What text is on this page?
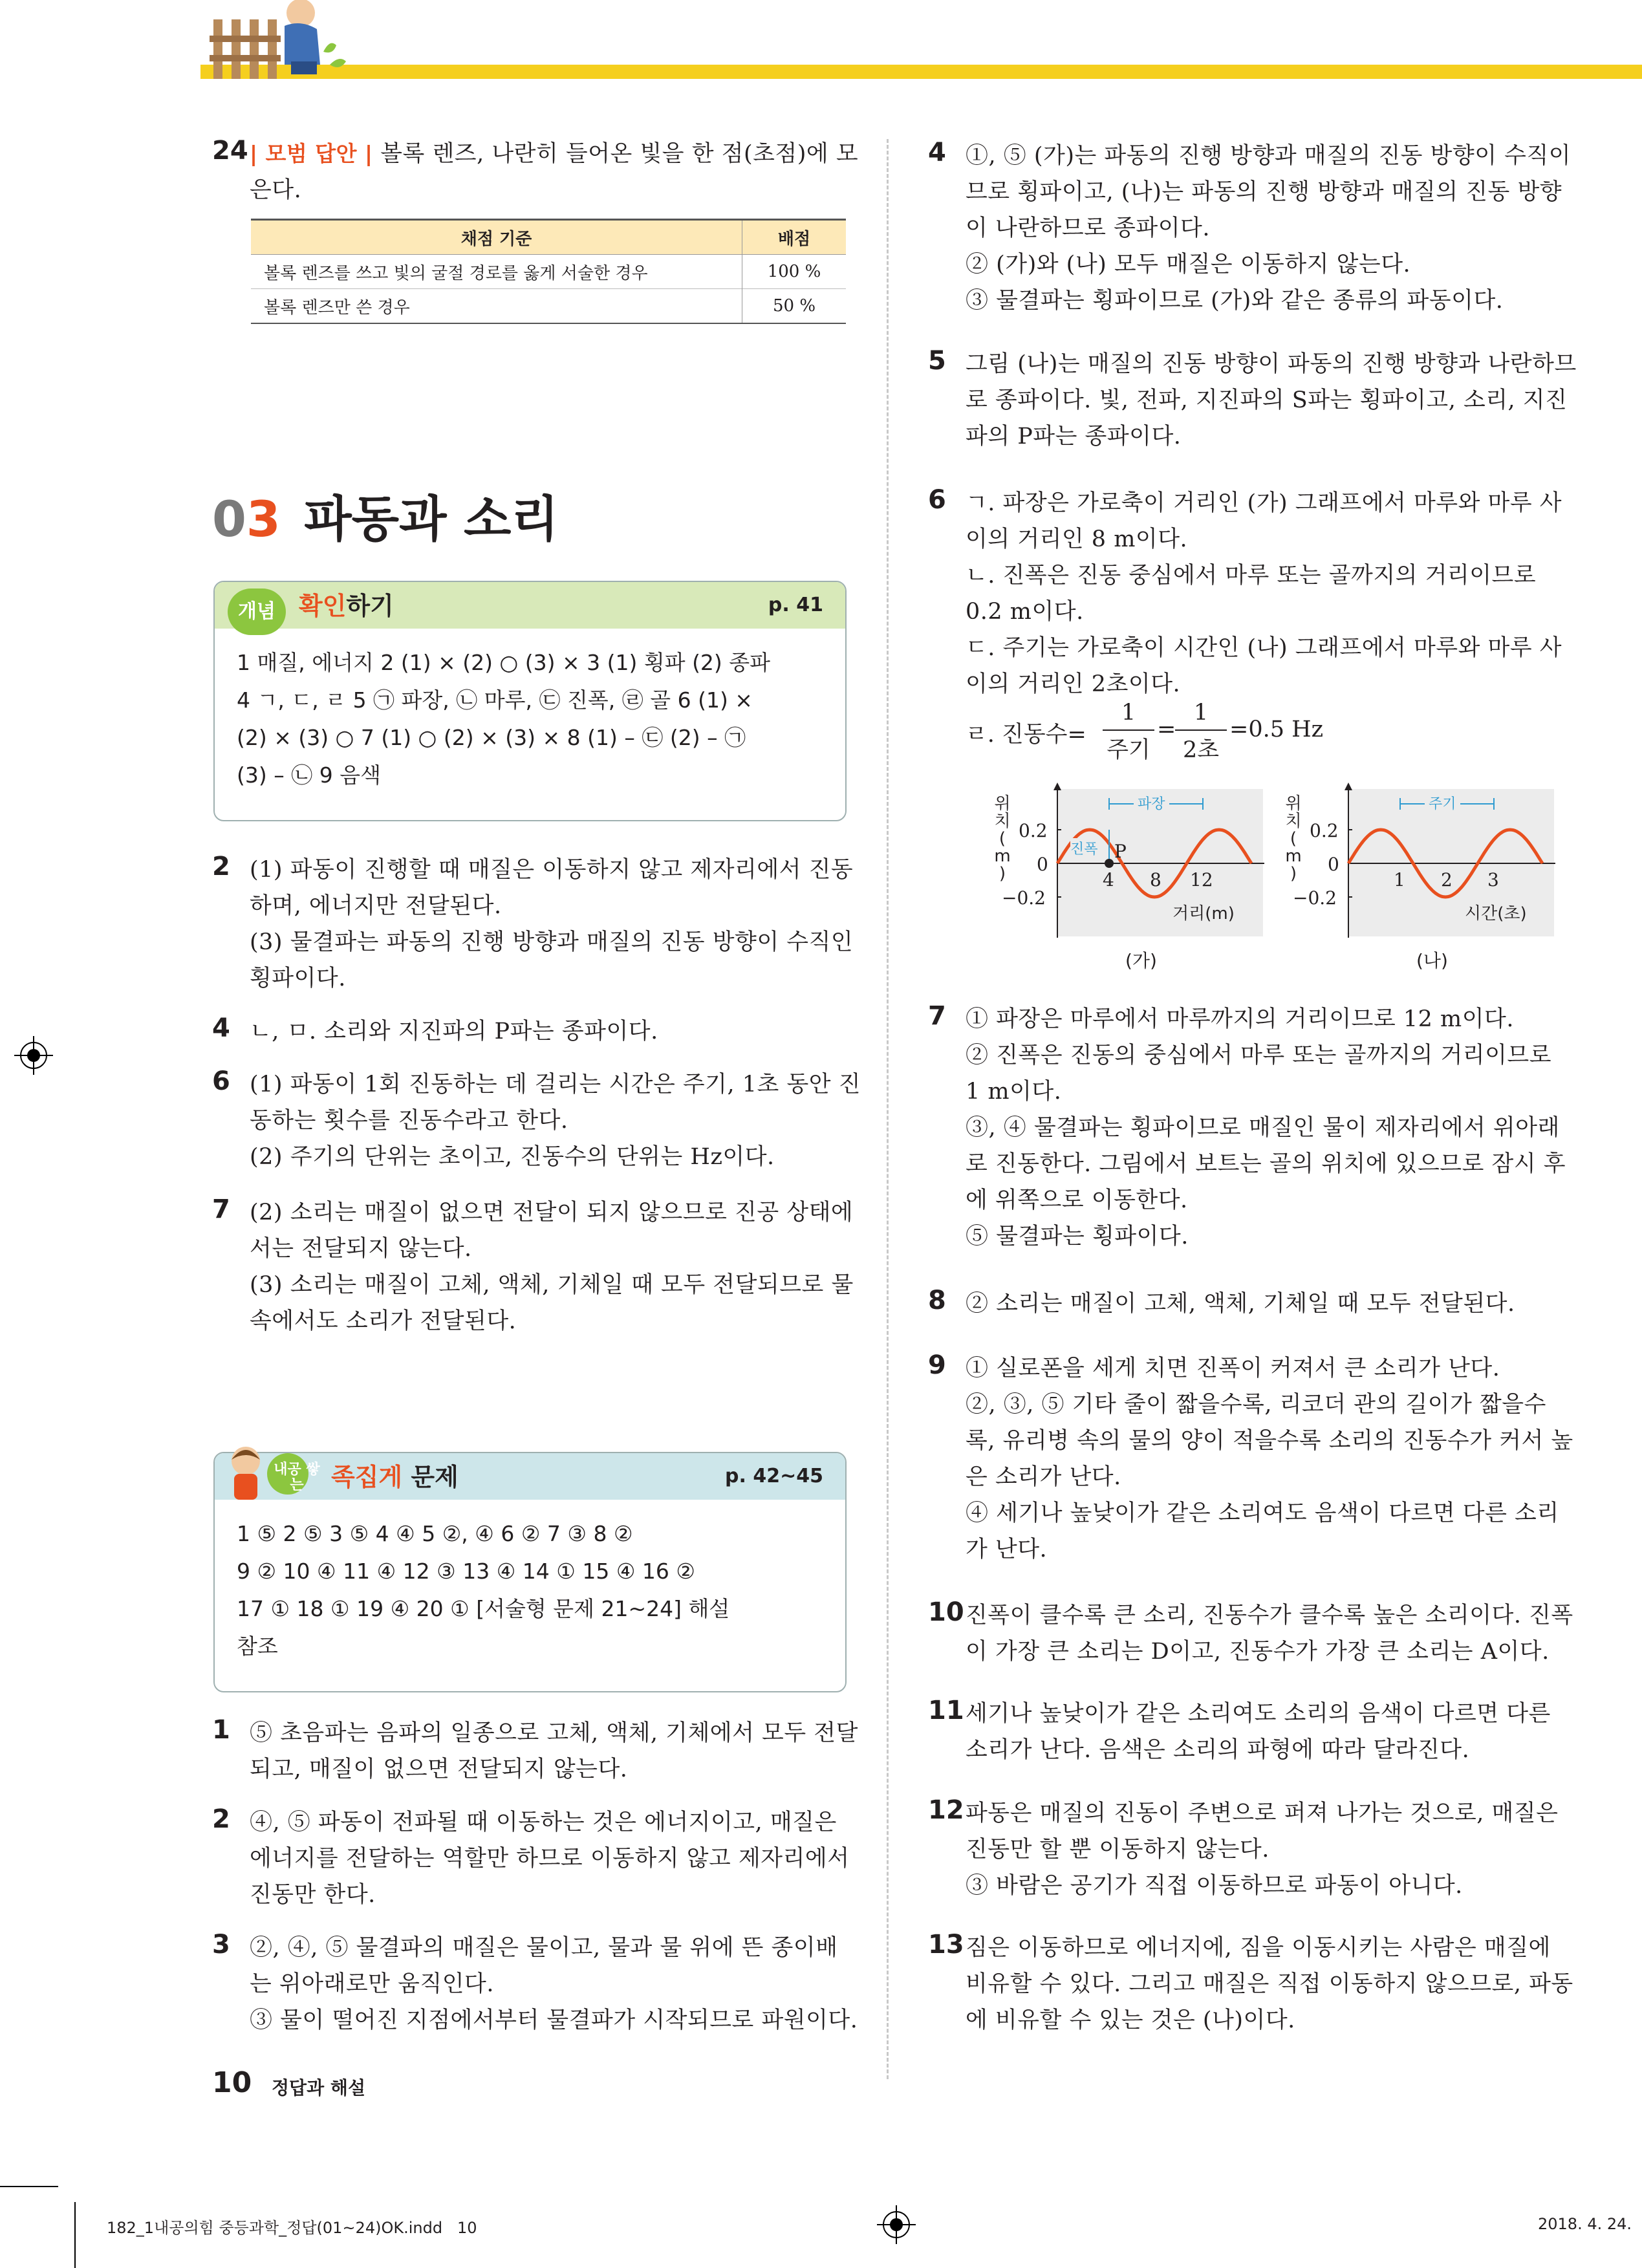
24 | 모범 답안 | 볼록 렌즈, 나란히 들어온 빛을 한 점(초점)에 모
은다.
채점 기준	배점
볼록 렌즈를 쓰고 빛의 굴절 경로를 옳게 서술한 경우	100 %
볼록 렌즈만 쓴 경우	50 %
03 파동과 소리
개념 확인하기	p. 41
1 매질, 에너지 2 (1) × (2) ○ (3) × 3 (1) 횡파 (2) 종파
4 ㄱ, ㄷ, ㄹ 5 ㉠ 파장, ㉡ 마루, ㉢ 진폭, ㉣ 골 6 (1) ×
(2) × (3) ○ 7 (1) ○ (2) × (3) × 8 (1) – ㉢ (2) – ㉠
(3) – ㉡ 9 음색
2 (1) 파동이 진행할 때 매질은 이동하지 않고 제자리에서 진동
하며, 에너지만 전달된다.
(3) 물결파는 파동의 진행 방향과 매질의 진동 방향이 수직인
횡파이다.
4 ㄴ, ㅁ. 소리와 지진파의 P파는 종파이다.
6 (1) 파동이 1회 진동하는 데 걸리는 시간은 주기, 1초 동안 진
동하는 횟수를 진동수라고 한다.
(2) 주기의 단위는 초이고, 진동수의 단위는 Hz이다.
7 (2) 소리는 매질이 없으면 전달이 되지 않으므로 진공 상태에
서는 전달되지 않는다.
(3) 소리는 매질이 고체, 액체, 기체일 때 모두 전달되므로 물
속에서도 소리가 전달된다.
내공 쌓는	족집게 문제	p. 42~45
1 ⑤ 2 ⑤ 3 ⑤ 4 ④ 5 ②, ④ 6 ② 7 ③ 8 ②
9 ② 10 ④ 11 ④ 12 ③ 13 ④ 14 ① 15 ④ 16 ②
17 ① 18 ① 19 ④ 20 ① [서술형 문제 21~24] 해설
참조
1 ⑤ 초음파는 음파의 일종으로 고체, 액체, 기체에서 모두 전달
되고, 매질이 없으면 전달되지 않는다.
2 ④, ⑤ 파동이 전파될 때 이동하는 것은 에너지이고, 매질은
에너지를 전달하는 역할만 하므로 이동하지 않고 제자리에서
진동만 한다.
3 ②, ④, ⑤ 물결파의 매질은 물이고, 물과 물 위에 뜬 종이배
는 위아래로만 움직인다.
③ 물이 떨어진 지점에서부터 물결파가 시작되므로 파원이다.
4 ①, ⑤ (가)는 파동의 진행 방향과 매질의 진동 방향이 수직이
므로 횡파이고, (나)는 파동의 진행 방향과 매질의 진동 방향
이 나란하므로 종파이다.
② (가)와 (나) 모두 매질은 이동하지 않는다.
③ 물결파는 횡파이므로 (가)와 같은 종류의 파동이다.
5 그림 (나)는 매질의 진동 방향이 파동의 진행 방향과 나란하므
로 종파이다. 빛, 전파, 지진파의 S파는 횡파이고, 소리, 지진
파의 P파는 종파이다.
6 ㄱ. 파장은 가로축이 거리인 (가) 그래프에서 마루와 마루 사
이의 거리인 8 m이다.
ㄴ. 진폭은 진동 중심에서 마루 또는 골까지의 거리이므로
0.2 m이다.
ㄷ. 주기는 가로축이 시간인 (나) 그래프에서 마루와 마루 사
이의 거리인 2초이다.
ㄹ. 진동수=
1
주기
=
1
2초
=0.5 Hz
위
치
(
m
)
파장
진폭 P
0.2
0
−0.2
4 8 12
거리(m)
(가)
위
치
(
m
)
주기
0.2
0
−0.2
1 2 3
시간(초)
(나)
7 ① 파장은 마루에서 마루까지의 거리이므로 12 m이다.
② 진폭은 진동의 중심에서 마루 또는 골까지의 거리이므로
1 m이다.
③, ④ 물결파는 횡파이므로 매질인 물이 제자리에서 위아래
로 진동한다. 그림에서 보트는 골의 위치에 있으므로 잠시 후
에 위쪽으로 이동한다.
⑤ 물결파는 횡파이다.
8 ② 소리는 매질이 고체, 액체, 기체일 때 모두 전달된다.
9 ① 실로폰을 세게 치면 진폭이 커져서 큰 소리가 난다.
②, ③, ⑤ 기타 줄이 짧을수록, 리코더 관의 길이가 짧을수
록, 유리병 속의 물의 양이 적을수록 소리의 진동수가 커서 높
은 소리가 난다.
④ 세기나 높낮이가 같은 소리여도 음색이 다르면 다른 소리
가 난다.
10 진폭이 클수록 큰 소리, 진동수가 클수록 높은 소리이다. 진폭
이 가장 큰 소리는 D이고, 진동수가 가장 큰 소리는 A이다.
11 세기나 높낮이가 같은 소리여도 소리의 음색이 다르면 다른
소리가 난다. 음색은 소리의 파형에 따라 달라진다.
12 파동은 매질의 진동이 주변으로 퍼져 나가는 것으로, 매질은
진동만 할 뿐 이동하지 않는다.
③ 바람은 공기가 직접 이동하므로 파동이 아니다.
13 짐은 이동하므로 에너지에, 짐을 이동시키는 사람은 매질에
비유할 수 있다. 그리고 매질은 직접 이동하지 않으므로, 파동
에 비유할 수 있는 것은 (나)이다.
10 정답과 해설
182_1내공의힘 중등과학_정답(01~24)OK.indd   10	2018. 4. 24.
